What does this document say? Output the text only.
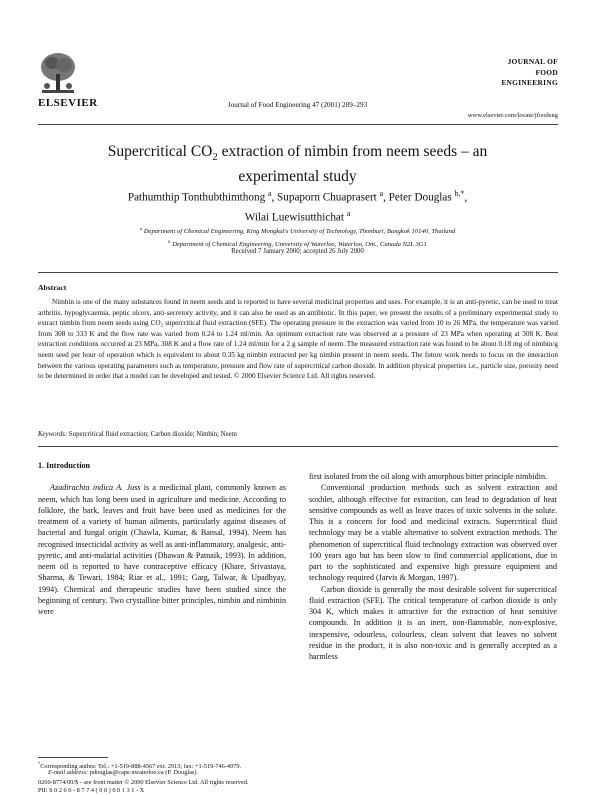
ELSEVIER	Journal of Food Engineering 47 (2001) 289–293
JOURNAL OF
FOOD
ENGINEERING
www.elsevier.com/locate/jfoodeng
Supercritical $CO_2$ extraction of nimbin from neem seeds – an
experimental study
Pathumthip Tonthubthimthong $^a$, Supaporn Chuaprasert $^a$, Peter Douglas $^{b,*}$,
Wilai Luewisutthichat $^a$
$^a$ Department of Chemical Engineering, King Mongkut's University of Technology, Thonburi, Bangkok 10140, Thailand
$^b$ Department of Chemical Engineering, University of Waterloo, Waterloo, Ont., Canada N2L 3G1
Received 7 January 2000; accepted 26 July 2000
Abstract
Nimbin is one of the many substances found in neem seeds and is reported to have several medicinal properties and uses. For example, it is an anti-pyretic, can be used to treat arthritis, hypoglycaemia, peptic ulcers, anti-secretory activity, and it can also be used as an antibiotic. In this paper, we present the results of a preliminary experimental study to extract nimbin from neem seeds using CO₂ supercritical fluid extraction (SFE). The operating pressure in the extraction was varied from 10 to 26 MPa, the temperature was varied from 308 to 333 K and the flow rate was varied from 0.24 to 1.24 ml/min. An optimum extraction rate was observed at a pressure of 23 MPa when operating at 308 K. Best extraction conditions occurred at 23 MPa, 308 K and a flow rate of 1.24 ml/min for a 2 g sample of neem. The measured extraction rate was found to be about 0.18 mg of nimbin/g neem seed per hour of operation which is equivalent to about 0.35 kg nimbin extracted per kg nimbin present in neem seeds. The future work needs to focus on the interaction between the various operating parameters such as temperature, pressure and flow rate of supercritical carbon dioxide. In addition physical properties i.e., particle size, porosity need to be determined in order that a model can be developed and tested. © 2000 Elsevier Science Ltd. All rights reserved.
Keywords: Supercritical fluid extraction; Carbon dioxide; Nimbin; Neem
1. Introduction

Azadirachta indica A. Juss is a medicinal plant, commonly known as neem, which has long been used in agriculture and medicine. According to folklore, the bark, leaves and fruit have been used as medicines for the treatment of a variety of human ailments, particularly against diseases of bacterial and fungal origin (Chawla, Kumar, & Bansal, 1994). Neem has recognised insecticidal activity as well as anti-inflammatory, analgesic, anti-pyretic, and anti-malarial activities (Dhawan & Patnaik, 1993). In addition, neem oil is reported to have contraceptive efficacy (Khare, Srivastava, Sharma, & Tewari, 1984; Riar et al., 1991; Garg, Talwar, & Upadhyay, 1994). Chemical and therapeutic studies have been studied since the beginning of century. Two crystalline bitter principles, nimbin and nimbinin were

first isolated from the oil along with amorphous bitter principle nimbidin.

Conventional production methods such as solvent extraction and soxhlet, although effective for extraction, can lead to degradation of heat sensitive compounds as well as leave traces of toxic solvents in the solute. This is a concern for food and medicinal extracts. Supercritical fluid technology may be a viable alternative to solvent extraction methods. The phenomenon of supercritical fluid technology extraction was observed over 100 years ago but has been slow to find commercial applications, due in part to the sophisticated and expensive high pressure equipment and technology required (Jarvis & Morgan, 1997).

Carbon dioxide is generally the most desirable solvent for supercritical fluid extraction (SFE). The critical temperature of carbon dioxide is only 304 K, which makes it attractive for the extraction of heat sensitive compounds. In addition it is an inert, non-flammable, non-explosive, inexpensive, odourless, colourless, clean solvent that leaves no solvent residue in the product, it is also non-toxic and is generally accepted as a harmless

*Corresponding author. Tel.: +1-519-888-4567 ext. 2913; fax: +1-519-746-4979.
E-mail address: pdouglas@cape.uwaterloo.ca (P. Douglas).
0260-8774/00/$ - see front matter © 2000 Elsevier Science Ltd. All rights reserved.
PII: S 0 2 6 0 - 8 7 7 4 ( 0 0 ) 0 0 1 3 1 - X
